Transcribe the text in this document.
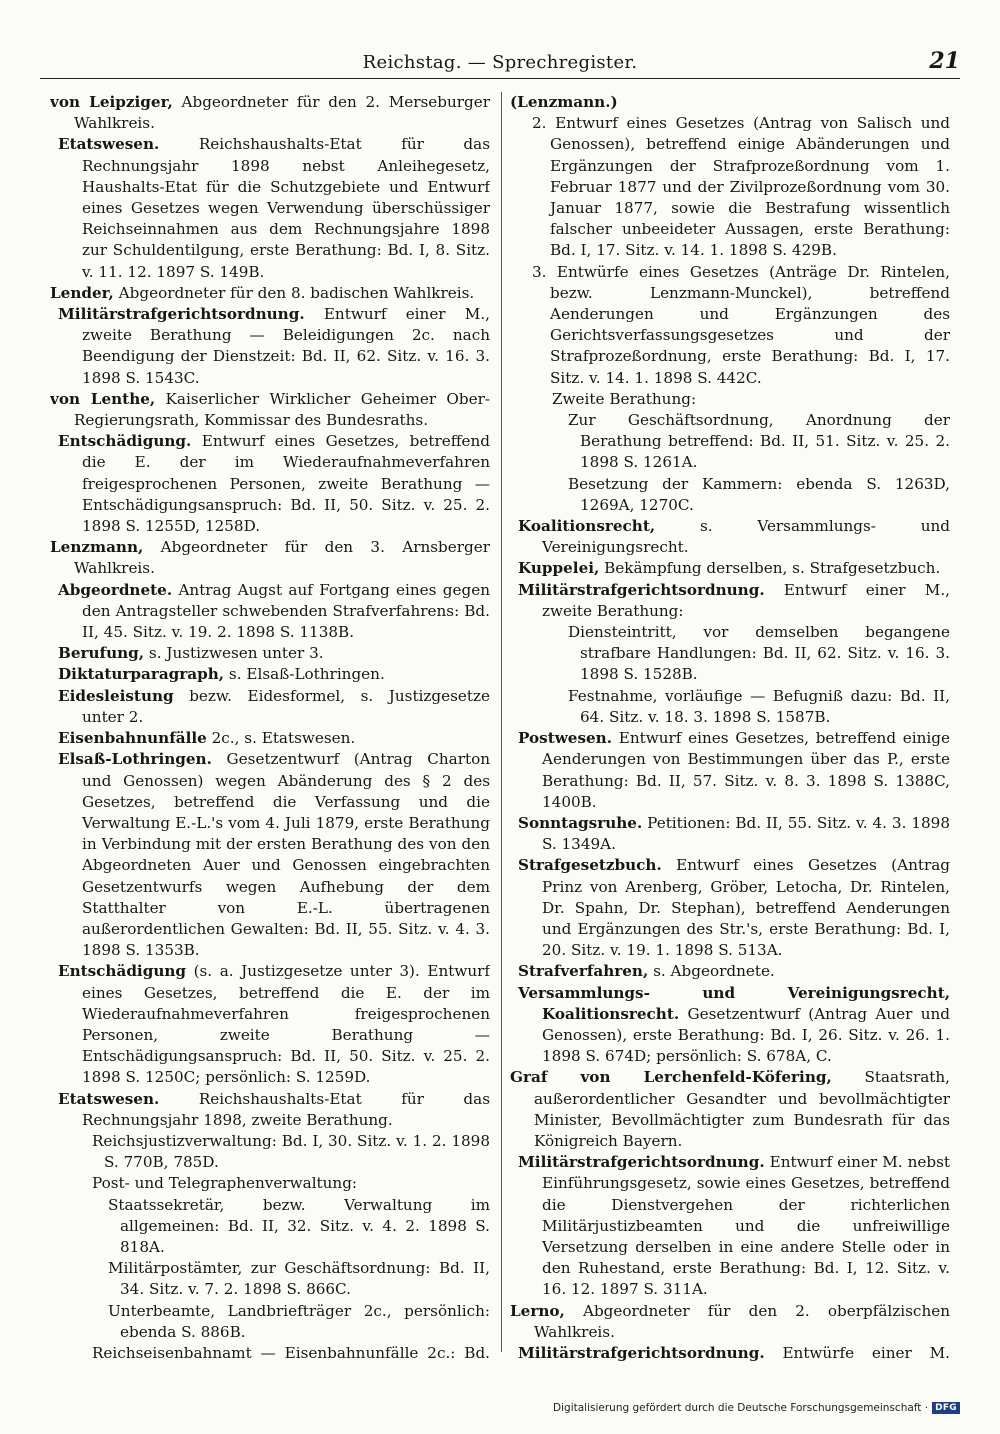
Reichstag. — Sprechregister.	21

von Leipziger, Abgeordneter für den 2. Merseburger Wahlkreis.

Etatswesen. Reichshaushalts-Etat für das Rechnungsjahr 1898 nebst Anleihegesetz, Haushalts-Etat für die Schutzgebiete und Entwurf eines Gesetzes wegen Verwendung überschüssiger Reichseinnahmen aus dem Rechnungsjahre 1898 zur Schuldentilgung, erste Berathung: Bd. I, 8. Sitz. v. 11. 12. 1897 S. 149B.

Lender, Abgeordneter für den 8. badischen Wahlkreis.

Militärstrafgerichtsordnung. Entwurf einer M., zweite Berathung — Beleidigungen 2c. nach Beendigung der Dienstzeit: Bd. II, 62. Sitz. v. 16. 3. 1898 S. 1543C.

von Lenthe, Kaiserlicher Wirklicher Geheimer Ober-Regierungsrath, Kommissar des Bundesraths.

Entschädigung. Entwurf eines Gesetzes, betreffend die E. der im Wiederaufnahmeverfahren freigesprochenen Personen, zweite Berathung — Entschädigungsanspruch: Bd. II, 50. Sitz. v. 25. 2. 1898 S. 1255D, 1258D.

Lenzmann, Abgeordneter für den 3. Arnsberger Wahlkreis.

Abgeordnete. Antrag Augst auf Fortgang eines gegen den Antragsteller schwebenden Strafverfahrens: Bd. II, 45. Sitz. v. 19. 2. 1898 S. 1138B.

Berufung, s. Justizwesen unter 3.

Diktaturparagraph, s. Elsaß-Lothringen.

Eidesleistung bezw. Eidesformel, s. Justizgesetze unter 2.

Eisenbahnunfälle 2c., s. Etatswesen.

Elsaß-Lothringen. Gesetzentwurf (Antrag Charton und Genossen) wegen Abänderung des § 2 des Gesetzes, betreffend die Verfassung und die Verwaltung E.-L.'s vom 4. Juli 1879, erste Berathung in Verbindung mit der ersten Berathung des von den Abgeordneten Auer und Genossen eingebrachten Gesetzentwurfs wegen Aufhebung der dem Statthalter von E.-L. übertragenen außerordentlichen Gewalten: Bd. II, 55. Sitz. v. 4. 3. 1898 S. 1353B.

Entschädigung (s. a. Justizgesetze unter 3). Entwurf eines Gesetzes, betreffend die E. der im Wiederaufnahmeverfahren freigesprochenen Personen, zweite Berathung — Entschädigungsanspruch: Bd. II, 50. Sitz. v. 25. 2. 1898 S. 1250C; persönlich: S. 1259D.

Etatswesen. Reichshaushalts-Etat für das Rechnungsjahr 1898, zweite Berathung.

Reichsjustizverwaltung: Bd. I, 30. Sitz. v. 1. 2. 1898 S. 770B, 785D.

Post- und Telegraphenverwaltung:

Staatssekretär, bezw. Verwaltung im allgemeinen: Bd. II, 32. Sitz. v. 4. 2. 1898 S. 818A.

Militärpostämter, zur Geschäftsordnung: Bd. II, 34. Sitz. v. 7. 2. 1898 S. 866C.

Unterbeamte, Landbriefträger 2c., persönlich: ebenda S. 886B.

Reichseisenbahnamt — Eisenbahnunfälle 2c.: Bd.

(Lenzmann.)

2. Entwurf eines Gesetzes (Antrag von Salisch und Genossen), betreffend einige Abänderungen und Ergänzungen der Strafprozeßordnung vom 1. Februar 1877 und der Zivilprozeßordnung vom 30. Januar 1877, sowie die Bestrafung wissentlich falscher unbeeideter Aussagen, erste Berathung: Bd. I, 17. Sitz. v. 14. 1. 1898 S. 429B.

3. Entwürfe eines Gesetzes (Anträge Dr. Rintelen, bezw. Lenzmann-Munckel), betreffend Aenderungen und Ergänzungen des Gerichtsverfassungsgesetzes und der Strafprozeßordnung, erste Berathung: Bd. I, 17. Sitz. v. 14. 1. 1898 S. 442C.

Zweite Berathung:

Zur Geschäftsordnung, Anordnung der Berathung betreffend: Bd. II, 51. Sitz. v. 25. 2. 1898 S. 1261A.

Besetzung der Kammern: ebenda S. 1263D, 1269A, 1270C.

Koalitionsrecht, s. Versammlungs- und Vereinigungsrecht.

Kuppelei, Bekämpfung derselben, s. Strafgesetzbuch.

Militärstrafgerichtsordnung. Entwurf einer M., zweite Berathung:

Diensteintritt, vor demselben begangene strafbare Handlungen: Bd. II, 62. Sitz. v. 16. 3. 1898 S. 1528B.

Festnahme, vorläufige — Befugniß dazu: Bd. II, 64. Sitz. v. 18. 3. 1898 S. 1587B.

Postwesen. Entwurf eines Gesetzes, betreffend einige Aenderungen von Bestimmungen über das P., erste Berathung: Bd. II, 57. Sitz. v. 8. 3. 1898 S. 1388C, 1400B.

Sonntagsruhe. Petitionen: Bd. II, 55. Sitz. v. 4. 3. 1898 S. 1349A.

Strafgesetzbuch. Entwurf eines Gesetzes (Antrag Prinz von Arenberg, Gröber, Letocha, Dr. Rintelen, Dr. Spahn, Dr. Stephan), betreffend Aenderungen und Ergänzungen des Str.'s, erste Berathung: Bd. I, 20. Sitz. v. 19. 1. 1898 S. 513A.

Strafverfahren, s. Abgeordnete.

Versammlungs- und Vereinigungsrecht, Koalitionsrecht. Gesetzentwurf (Antrag Auer und Genossen), erste Berathung: Bd. I, 26. Sitz. v. 26. 1. 1898 S. 674D; persönlich: S. 678A, C.

Graf von Lerchenfeld-Köfering, Staatsrath, außerordentlicher Gesandter und bevollmächtigter Minister, Bevollmächtigter zum Bundesrath für das Königreich Bayern.

Militärstrafgerichtsordnung. Entwurf einer M. nebst Einführungsgesetz, sowie eines Gesetzes, betreffend die Dienstvergehen der richterlichen Militärjustizbeamten und die unfreiwillige Versetzung derselben in eine andere Stelle oder in den Ruhestand, erste Berathung: Bd. I, 12. Sitz. v. 16. 12. 1897 S. 311A.

Lerno, Abgeordneter für den 2. oberpfälzischen Wahlkreis.

Militärstrafgerichtsordnung. Entwürfe einer M.

Digitalisierung gefördert durch die Deutsche Forschungsgemeinschaft · DFG
